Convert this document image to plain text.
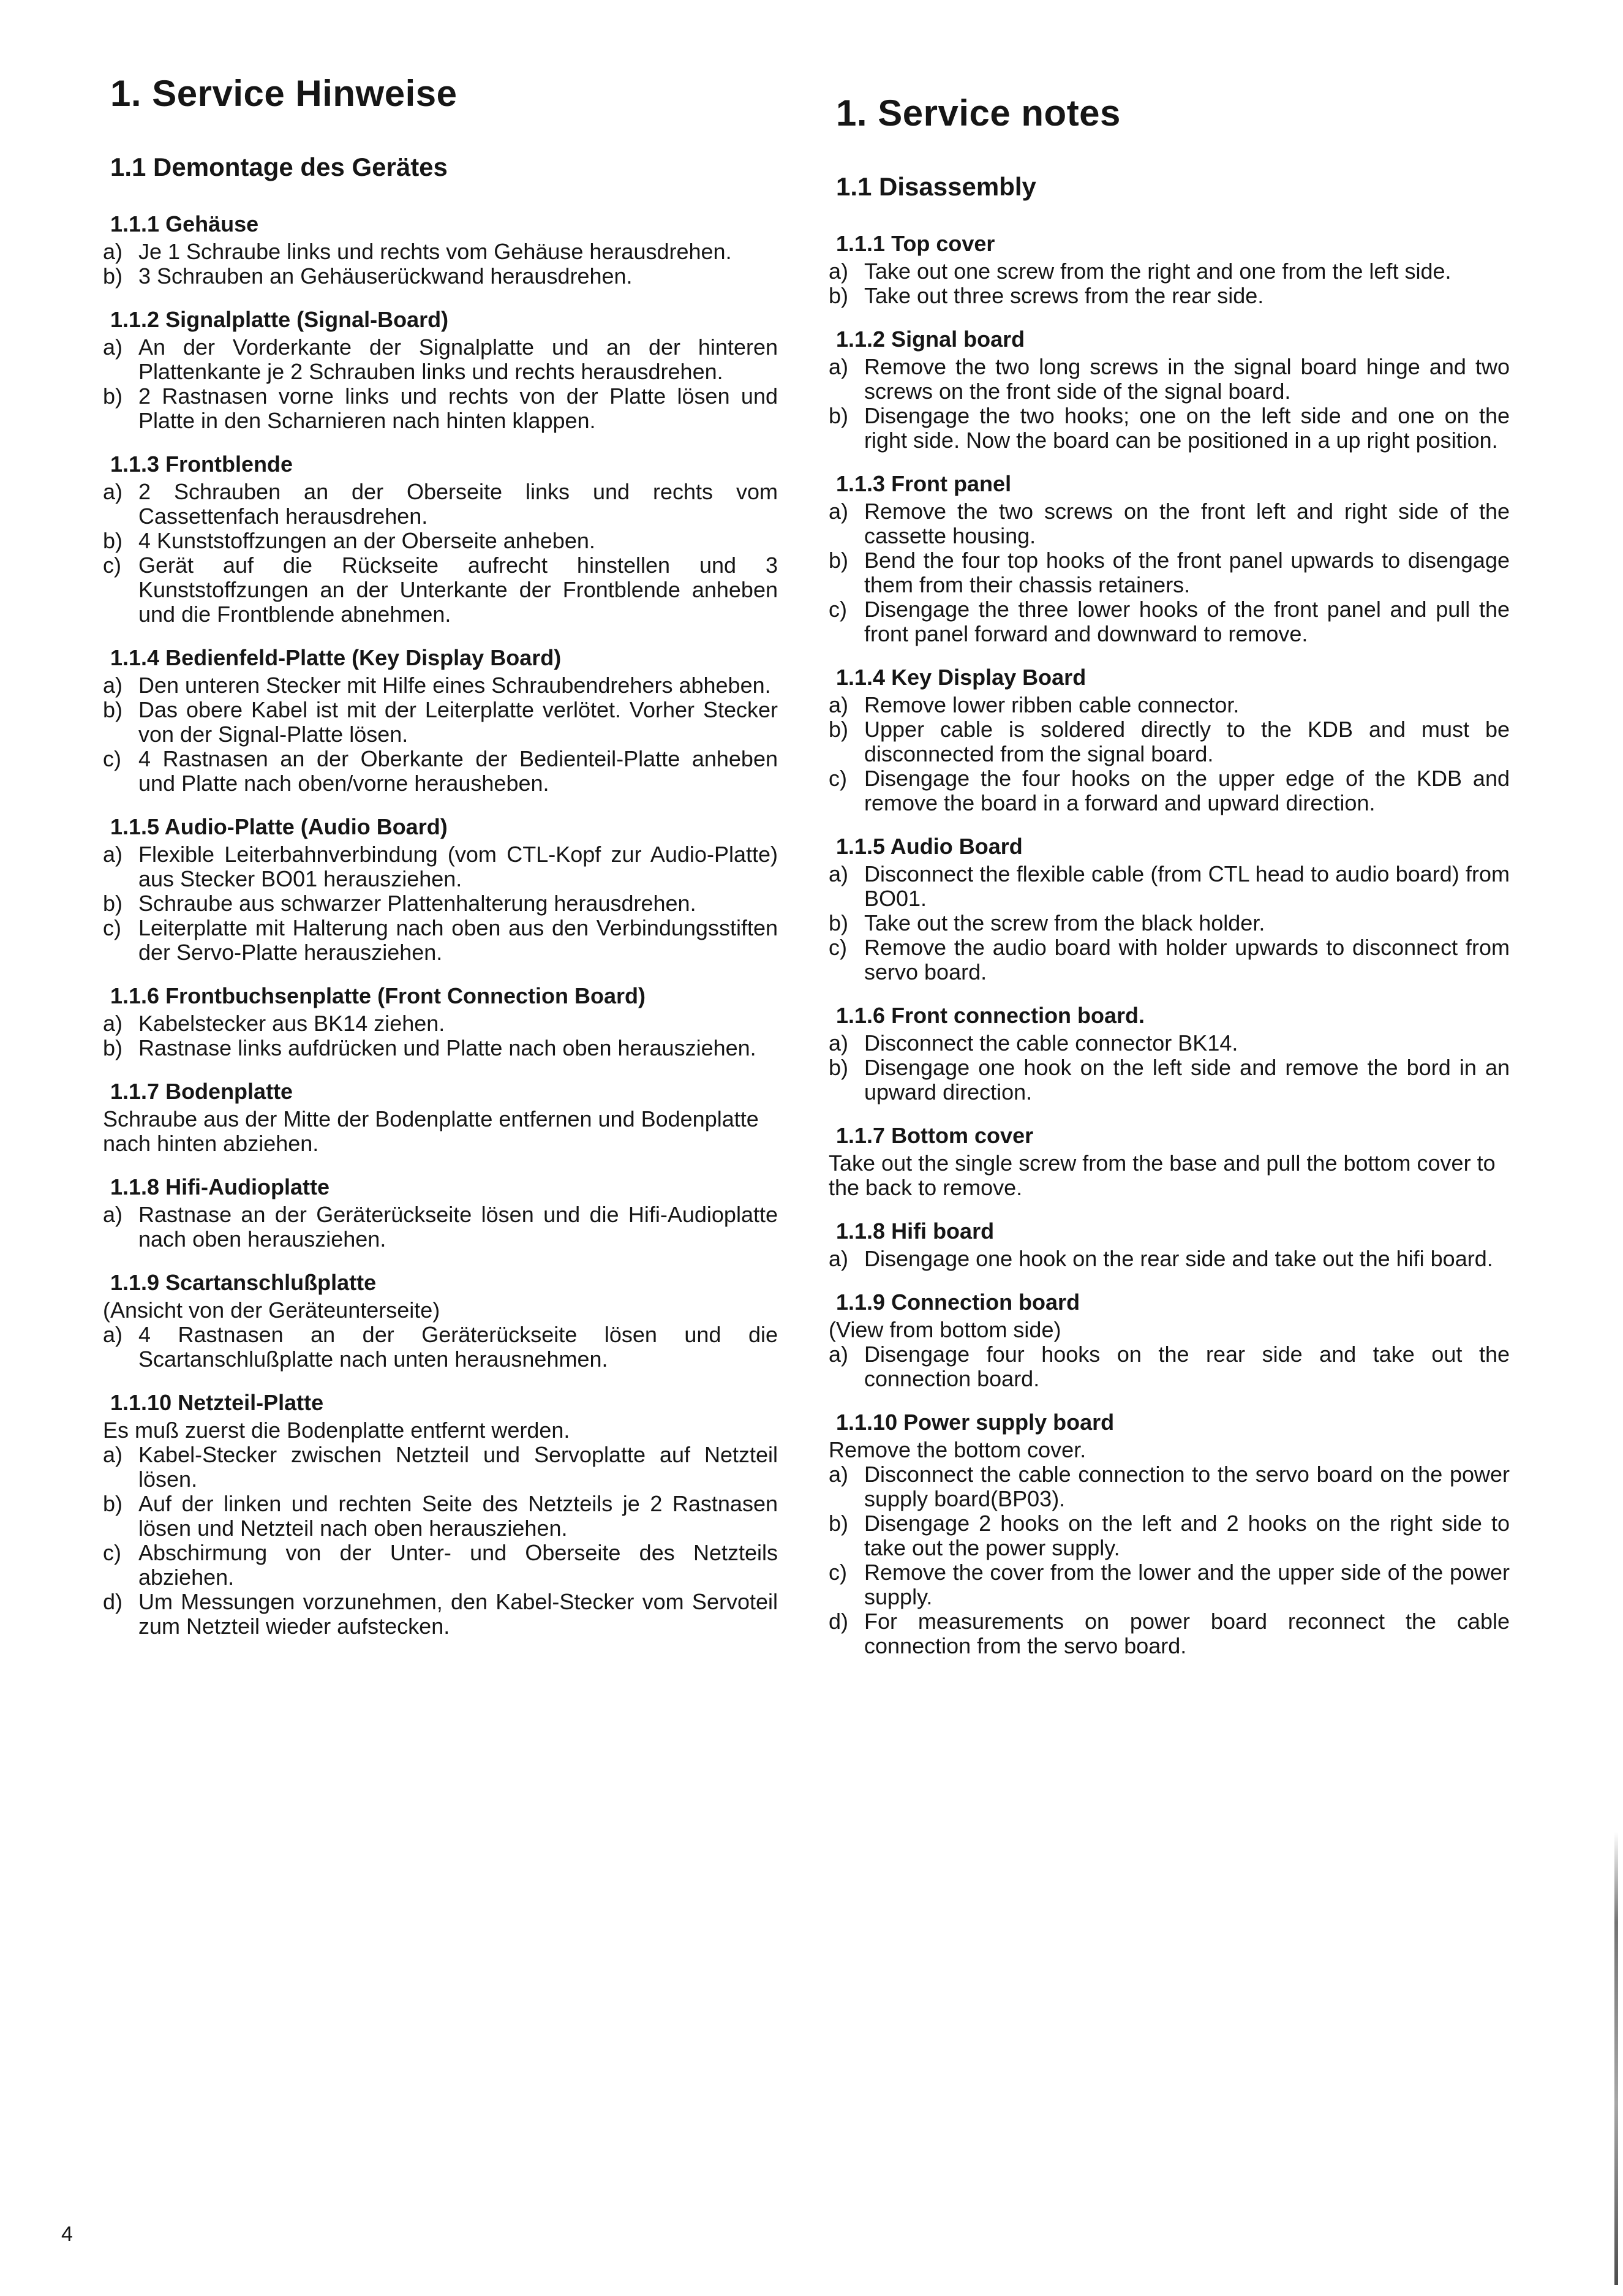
1. Service Hinweise
1.1 Demontage des Gerätes
1.1.1 Gehäuse
a) Je 1 Schraube links und rechts vom Gehäuse herausdrehen.
b) 3 Schrauben an Gehäuserückwand herausdrehen.
1.1.2 Signalplatte (Signal-Board)
a) An der Vorderkante der Signalplatte und an der hinteren Plattenkante je 2 Schrauben links und rechts herausdrehen.
b) 2 Rastnasen vorne links und rechts von der Platte lösen und Platte in den Scharnieren nach hinten klappen.
1.1.3 Frontblende
a) 2 Schrauben an der Oberseite links und rechts vom Cassettenfach herausdrehen.
b) 4 Kunststoffzungen an der Oberseite anheben.
c) Gerät auf die Rückseite aufrecht hinstellen und 3 Kunststoffzungen an der Unterkante der Frontblende anheben und die Frontblende abnehmen.
1.1.4 Bedienfeld-Platte (Key Display Board)
a) Den unteren Stecker mit Hilfe eines Schraubendrehers abheben.
b) Das obere Kabel ist mit der Leiterplatte verlötet. Vorher Stecker von der Signal-Platte lösen.
c) 4 Rastnasen an der Oberkante der Bedienteil-Platte anheben und Platte nach oben/vorne herausheben.
1.1.5 Audio-Platte (Audio Board)
a) Flexible Leiterbahnverbindung (vom CTL-Kopf zur Audio-Platte) aus Stecker BO01 herausziehen.
b) Schraube aus schwarzer Plattenhalterung herausdrehen.
c) Leiterplatte mit Halterung nach oben aus den Verbindungsstiften der Servo-Platte herausziehen.
1.1.6 Frontbuchsenplatte (Front Connection Board)
a) Kabelstecker aus BK14 ziehen.
b) Rastnase links aufdrücken und Platte nach oben herausziehen.
1.1.7 Bodenplatte
Schraube aus der Mitte der Bodenplatte entfernen und Bodenplatte nach hinten abziehen.
1.1.8 Hifi-Audioplatte
a) Rastnase an der Geräterückseite lösen und die Hifi-Audioplatte nach oben herausziehen.
1.1.9 Scartanschlußplatte
(Ansicht von der Geräteunterseite)
a) 4 Rastnasen an der Geräterückseite lösen und die Scartanschlußplatte nach unten herausnehmen.
1.1.10 Netzteil-Platte
Es muß zuerst die Bodenplatte entfernt werden.
a) Kabel-Stecker zwischen Netzteil und Servoplatte auf Netzteil lösen.
b) Auf der linken und rechten Seite des Netzteils je 2 Rastnasen lösen und Netzteil nach oben herausziehen.
c) Abschirmung von der Unter- und Oberseite des Netzteils abziehen.
d) Um Messungen vorzunehmen, den Kabel-Stecker vom Servoteil zum Netzteil wieder aufstecken.
1. Service notes
1.1 Disassembly
1.1.1 Top cover
a) Take out one screw from the right and one from the left side.
b) Take out three screws from the rear side.
1.1.2 Signal board
a) Remove the two long screws in the signal board hinge and two screws on the front side of the signal board.
b) Disengage the two hooks; one on the left side and one on the right side. Now the board can be positioned in a up right position.
1.1.3 Front panel
a) Remove the two screws on the front left and right side of the cassette housing.
b) Bend the four top hooks of the front panel upwards to disengage them from their chassis retainers.
c) Disengage the three lower hooks of the front panel and pull the front panel forward and downward to remove.
1.1.4 Key Display Board
a) Remove lower ribben cable connector.
b) Upper cable is soldered directly to the KDB and must be disconnected from the signal board.
c) Disengage the four hooks on the upper edge of the KDB and remove the board in a forward and upward direction.
1.1.5 Audio Board
a) Disconnect the flexible cable (from CTL head to audio board) from BO01.
b) Take out the screw from the black holder.
c) Remove the audio board with holder upwards to disconnect from servo board.
1.1.6 Front connection board.
a) Disconnect the cable connector BK14.
b) Disengage one hook on the left side and remove the bord in an upward direction.
1.1.7 Bottom cover
Take out the single screw from the base and pull the bottom cover to the back to remove.
1.1.8 Hifi board
a) Disengage one hook on the rear side and take out the hifi board.
1.1.9 Connection board
(View from bottom side)
a) Disengage four hooks on the rear side and take out the connection board.
1.1.10 Power supply board
Remove the bottom cover.
a) Disconnect the cable connection to the servo board on the power supply board(BP03).
b) Disengage 2 hooks on the left and 2 hooks on the right side to take out the power supply.
c) Remove the cover from the lower and the upper side of the power supply.
d) For measurements on power board reconnect the cable connection from the servo board.
4
